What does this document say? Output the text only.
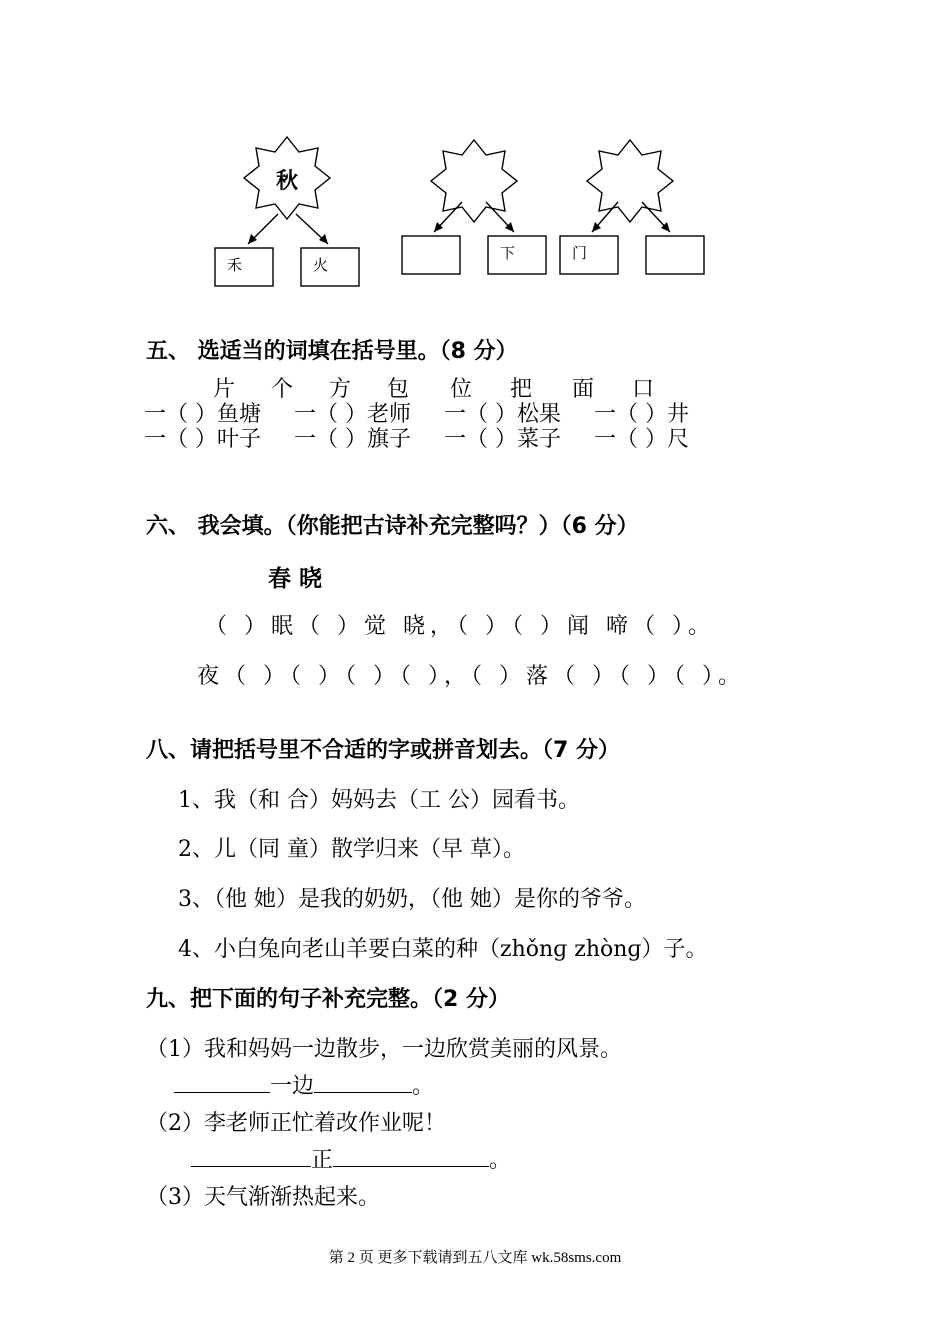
秋
禾	火
下	门
五、 选适当的词填在括号里。（8 分）
片 个 方 包 位 把 面 口
一（ ）鱼塘 一（ ）老师 一（ ）松果 一（ ）井
一（ ）叶子 一（ ）旗子 一（ ）菜子 一（ ）尺
六、 我会填。（你能把古诗补充完整吗？）（6 分）
春 晓
（ ）眠（ ）觉 晓，（ ）（ ）闻 啼（ ）。
夜（ ）（ ）（ ）（ ），（ ）落（ ）（ ）（ ）。
八、请把括号里不合适的字或拼音划去。（7 分）
1、我（和 合）妈妈去（工 公）园看书。
2、儿（同 童）散学归来（早 草）。
3、（他 她）是我的奶奶，（他 她）是你的爷爷。
4、小白兔向老山羊要白菜的种（zhǒnɡ zhònɡ）子。
九、把下面的句子补充完整。（2 分）
（1）我和妈妈一边散步，一边欣赏美丽的风景。
一边	。
（2）李老师正忙着改作业呢！
正	。
（3）天气渐渐热起来。
第 2 页 更多下载请到五八文库 wk.58sms.com
